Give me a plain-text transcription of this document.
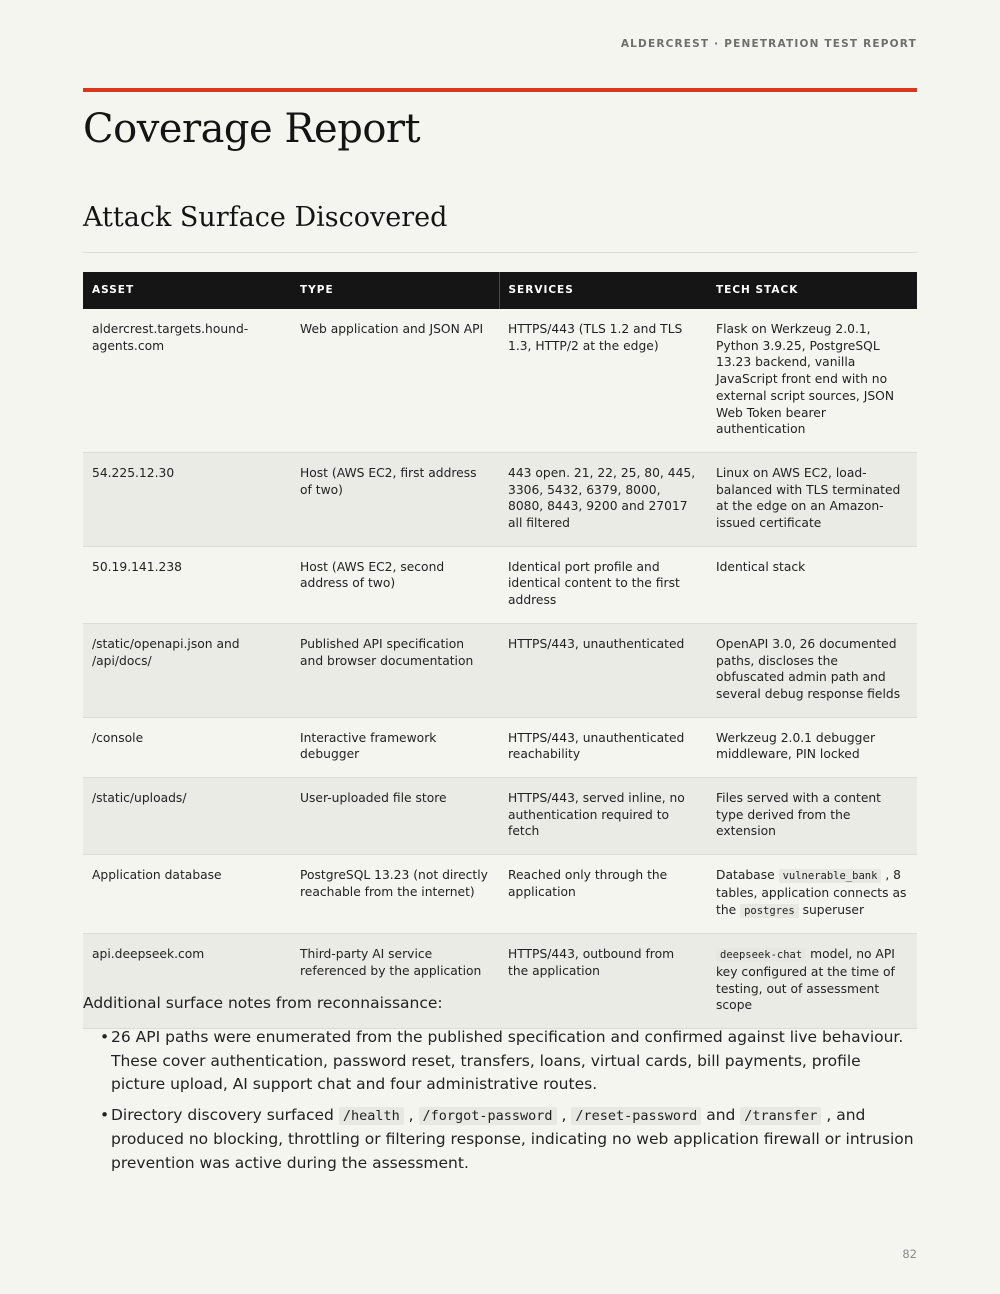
ALDERCREST · PENETRATION TEST REPORT
Coverage Report
Attack Surface Discovered
ASSET	TYPE	SERVICES	TECH STACK
aldercrest.targets.hound-agents.com	Web application and JSON API	HTTPS/443 (TLS 1.2 and TLS 1.3, HTTP/2 at the edge)	Flask on Werkzeug 2.0.1, Python 3.9.25, PostgreSQL 13.23 backend, vanilla JavaScript front end with no external script sources, JSON Web Token bearer authentication
54.225.12.30	Host (AWS EC2, first address of two)	443 open. 21, 22, 25, 80, 445, 3306, 5432, 6379, 8000, 8080, 8443, 9200 and 27017 all filtered	Linux on AWS EC2, load-balanced with TLS terminated at the edge on an Amazon-issued certificate
50.19.141.238	Host (AWS EC2, second address of two)	Identical port profile and identical content to the first address	Identical stack
/static/openapi.json and /api/docs/	Published API specification and browser documentation	HTTPS/443, unauthenticated	OpenAPI 3.0, 26 documented paths, discloses the obfuscated admin path and several debug response fields
/console	Interactive framework debugger	HTTPS/443, unauthenticated reachability	Werkzeug 2.0.1 debugger middleware, PIN locked
/static/uploads/	User-uploaded file store	HTTPS/443, served inline, no authentication required to fetch	Files served with a content type derived from the extension
Application database	PostgreSQL 13.23 (not directly reachable from the internet)	Reached only through the application	Database vulnerable_bank , 8 tables, application connects as the postgres superuser
api.deepseek.com	Third-party AI service referenced by the application	HTTPS/443, outbound from the application	deepseek-chat model, no API key configured at the time of testing, out of assessment scope

Additional surface notes from reconnaissance:

• 26 API paths were enumerated from the published specification and confirmed against live behaviour. These cover authentication, password reset, transfers, loans, virtual cards, bill payments, profile picture upload, AI support chat and four administrative routes.
• Directory discovery surfaced /health , /forgot-password , /reset-password and /transfer , and produced no blocking, throttling or filtering response, indicating no web application firewall or intrusion prevention was active during the assessment.
82
